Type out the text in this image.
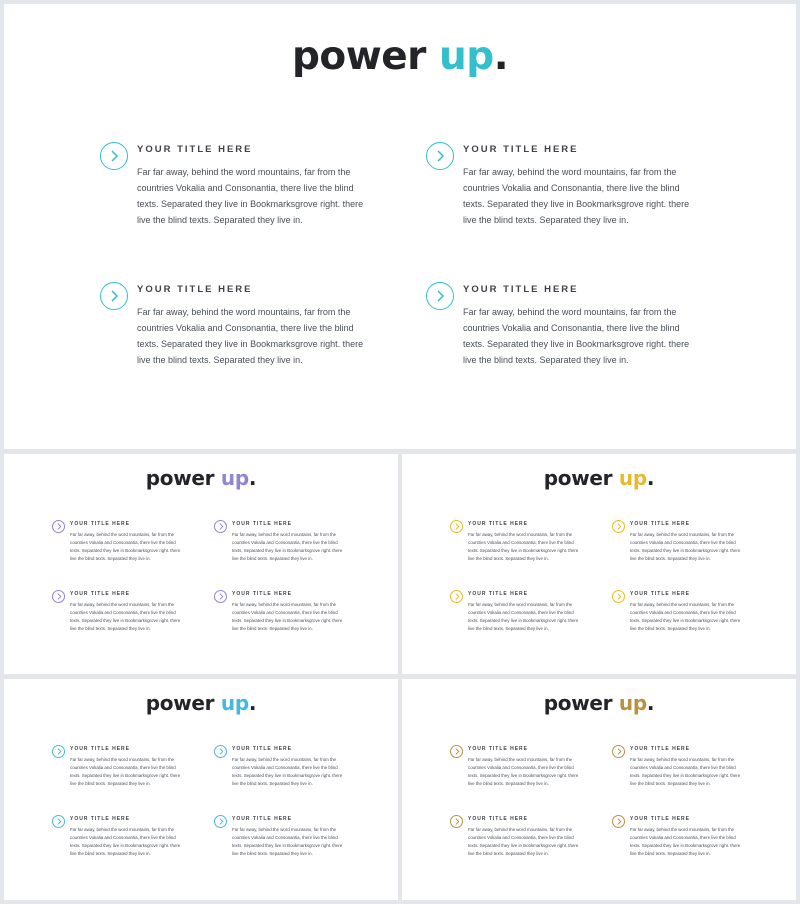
power up.
YOUR TITLE HERE
Far far away, behind the word mountains, far from the
countries Vokalia and Consonantia, there live the blind
texts. Separated they live in Bookmarksgrove right. there
live the blind texts. Separated they live in.
YOUR TITLE HERE
Far far away, behind the word mountains, far from the
countries Vokalia and Consonantia, there live the blind
texts. Separated they live in Bookmarksgrove right. there
live the blind texts. Separated they live in.
YOUR TITLE HERE
Far far away, behind the word mountains, far from the
countries Vokalia and Consonantia, there live the blind
texts. Separated they live in Bookmarksgrove right. there
live the blind texts. Separated they live in.
YOUR TITLE HERE
Far far away, behind the word mountains, far from the
countries Vokalia and Consonantia, there live the blind
texts. Separated they live in Bookmarksgrove right. there
live the blind texts. Separated they live in.
power up.
YOUR TITLE HERE
Far far away, behind the word mountains, far from the
countries Vokalia and Consonantia, there live the blind
texts. Separated they live in Bookmarksgrove right. there
live the blind texts. Separated they live in.
YOUR TITLE HERE
Far far away, behind the word mountains, far from the
countries Vokalia and Consonantia, there live the blind
texts. Separated they live in Bookmarksgrove right. there
live the blind texts. Separated they live in.
YOUR TITLE HERE
Far far away, behind the word mountains, far from the
countries Vokalia and Consonantia, there live the blind
texts. Separated they live in Bookmarksgrove right. there
live the blind texts. Separated they live in.
YOUR TITLE HERE
Far far away, behind the word mountains, far from the
countries Vokalia and Consonantia, there live the blind
texts. Separated they live in Bookmarksgrove right. there
live the blind texts. Separated they live in.
power up.
YOUR TITLE HERE
Far far away, behind the word mountains, far from the
countries Vokalia and Consonantia, there live the blind
texts. Separated they live in Bookmarksgrove right. there
live the blind texts. Separated they live in.
YOUR TITLE HERE
Far far away, behind the word mountains, far from the
countries Vokalia and Consonantia, there live the blind
texts. Separated they live in Bookmarksgrove right. there
live the blind texts. Separated they live in.
YOUR TITLE HERE
Far far away, behind the word mountains, far from the
countries Vokalia and Consonantia, there live the blind
texts. Separated they live in Bookmarksgrove right. there
live the blind texts. Separated they live in.
YOUR TITLE HERE
Far far away, behind the word mountains, far from the
countries Vokalia and Consonantia, there live the blind
texts. Separated they live in Bookmarksgrove right. there
live the blind texts. Separated they live in.
power up.
YOUR TITLE HERE
Far far away, behind the word mountains, far from the
countries Vokalia and Consonantia, there live the blind
texts. Separated they live in Bookmarksgrove right. there
live the blind texts. Separated they live in.
YOUR TITLE HERE
Far far away, behind the word mountains, far from the
countries Vokalia and Consonantia, there live the blind
texts. Separated they live in Bookmarksgrove right. there
live the blind texts. Separated they live in.
YOUR TITLE HERE
Far far away, behind the word mountains, far from the
countries Vokalia and Consonantia, there live the blind
texts. Separated they live in Bookmarksgrove right. there
live the blind texts. Separated they live in.
YOUR TITLE HERE
Far far away, behind the word mountains, far from the
countries Vokalia and Consonantia, there live the blind
texts. Separated they live in Bookmarksgrove right. there
live the blind texts. Separated they live in.
power up.
YOUR TITLE HERE
Far far away, behind the word mountains, far from the
countries Vokalia and Consonantia, there live the blind
texts. Separated they live in Bookmarksgrove right. there
live the blind texts. Separated they live in.
YOUR TITLE HERE
Far far away, behind the word mountains, far from the
countries Vokalia and Consonantia, there live the blind
texts. Separated they live in Bookmarksgrove right. there
live the blind texts. Separated they live in.
YOUR TITLE HERE
Far far away, behind the word mountains, far from the
countries Vokalia and Consonantia, there live the blind
texts. Separated they live in Bookmarksgrove right. there
live the blind texts. Separated they live in.
YOUR TITLE HERE
Far far away, behind the word mountains, far from the
countries Vokalia and Consonantia, there live the blind
texts. Separated they live in Bookmarksgrove right. there
live the blind texts. Separated they live in.
